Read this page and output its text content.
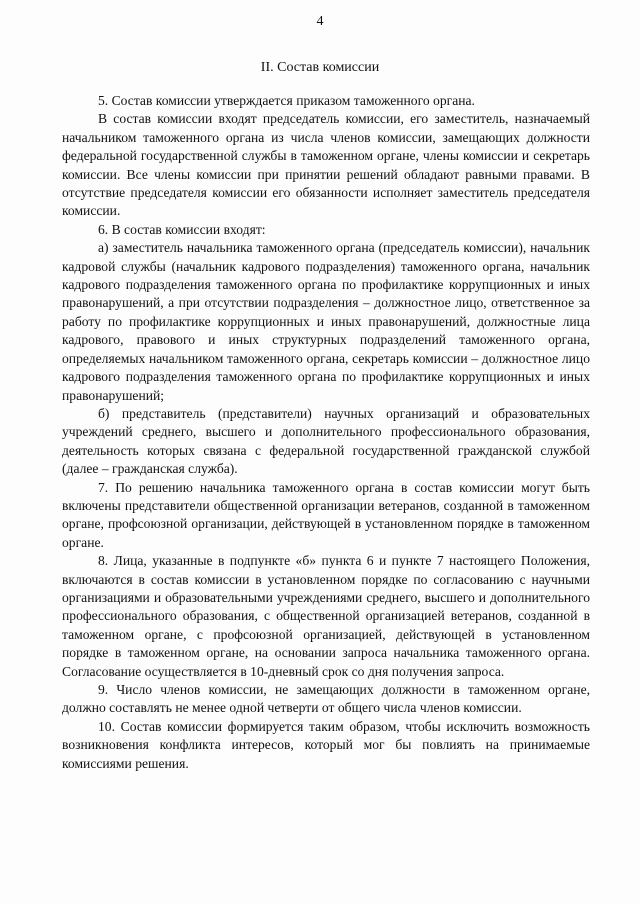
4
II. Состав комиссии

5. Состав комиссии утверждается приказом таможенного органа.

В состав комиссии входят председатель комиссии, его заместитель, назначаемый начальником таможенного органа из числа членов комиссии, замещающих должности федеральной государственной службы в таможенном органе, члены комиссии и секретарь комиссии. Все члены комиссии при принятии решений обладают равными правами. В отсутствие председателя комиссии его обязанности исполняет заместитель председателя комиссии.

6. В состав комиссии входят:

а) заместитель начальника таможенного органа (председатель комиссии), начальник кадровой службы (начальник кадрового подразделения) таможенного органа, начальник кадрового подразделения таможенного органа по профилактике коррупционных и иных правонарушений, а при отсутствии подразделения – должностное лицо, ответственное за работу по профилактике коррупционных и иных правонарушений, должностные лица кадрового, правового и иных структурных подразделений таможенного органа, определяемых начальником таможенного органа, секретарь комиссии – должностное лицо кадрового подразделения таможенного органа по профилактике коррупционных и иных правонарушений;

б) представитель (представители) научных организаций и образовательных учреждений среднего, высшего и дополнительного профессионального образования, деятельность которых связана с федеральной государственной гражданской службой (далее – гражданская служба).

7. По решению начальника таможенного органа в состав комиссии могут быть включены представители общественной организации ветеранов, созданной в таможенном органе, профсоюзной организации, действующей в установленном порядке в таможенном органе.

8. Лица, указанные в подпункте «б» пункта 6 и пункте 7 настоящего Положения, включаются в состав комиссии в установленном порядке по согласованию с научными организациями и образовательными учреждениями среднего, высшего и дополнительного профессионального образования, с общественной организацией ветеранов, созданной в таможенном органе, с профсоюзной организацией, действующей в установленном порядке в таможенном органе, на основании запроса начальника таможенного органа. Согласование осуществляется в 10-дневный срок со дня получения запроса.

9. Число членов комиссии, не замещающих должности в таможенном органе, должно составлять не менее одной четверти от общего числа членов комиссии.

10. Состав комиссии формируется таким образом, чтобы исключить возможность возникновения конфликта интересов, который мог бы повлиять на принимаемые комиссиями решения.
